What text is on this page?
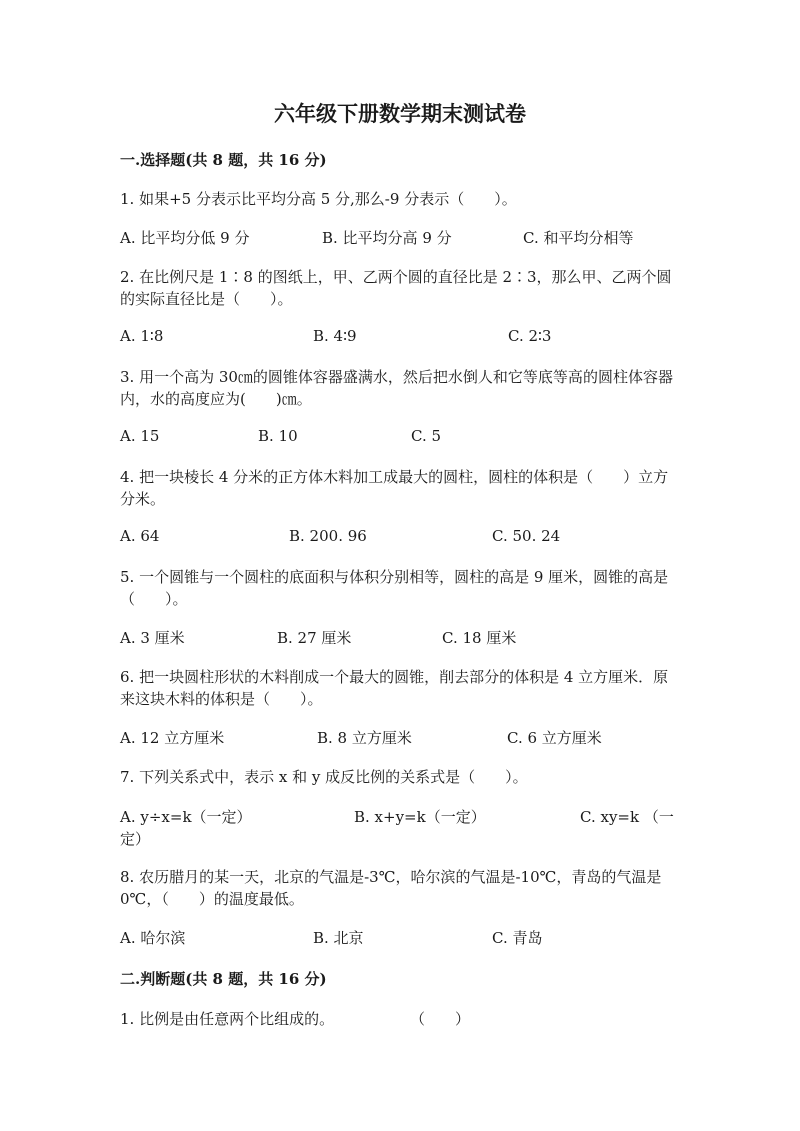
六年级下册数学期末测试卷
一.选择题(共 8 题，共 16 分)
1. 如果+5 分表示比平均分高 5 分,那么-9 分表示（　　）。
A. 比平均分低 9 分	B. 比平均分高 9 分	C. 和平均分相等
2. 在比例尺是 1∶8 的图纸上，甲、乙两个圆的直径比是 2∶3，那么甲、乙两个圆的实际直径比是（　　）。
A. 1∶8	B. 4∶9	C. 2∶3
3. 用一个高为 30㎝的圆锥体容器盛满水，然后把水倒人和它等底等高的圆柱体容器内，水的高度应为(　　)㎝。
A. 15	B. 10	C. 5
4. 把一块棱长 4 分米的正方体木料加工成最大的圆柱，圆柱的体积是（　　）立方分米。
A. 64	B. 200. 96	C. 50. 24
5. 一个圆锥与一个圆柱的底面积与体积分别相等，圆柱的高是 9 厘米，圆锥的高是（　　）。
A. 3 厘米	B. 27 厘米	C. 18 厘米
6. 把一块圆柱形状的木料削成一个最大的圆锥，削去部分的体积是 4 立方厘米．原来这块木料的体积是（　　）。
A. 12 立方厘米	B. 8 立方厘米	C. 6 立方厘米
7. 下列关系式中，表示 x 和 y 成反比例的关系式是（　　）。
A. y÷x=k（一定）	B. x+y=k（一定）	C. xy=k （一
定）
8. 农历腊月的某一天，北京的气温是-3℃，哈尔滨的气温是-10℃，青岛的气温是 0℃，（　　）的温度最低。
A. 哈尔滨	B. 北京	C. 青岛
二.判断题(共 8 题，共 16 分)
1. 比例是由任意两个比组成的。	（　　）
